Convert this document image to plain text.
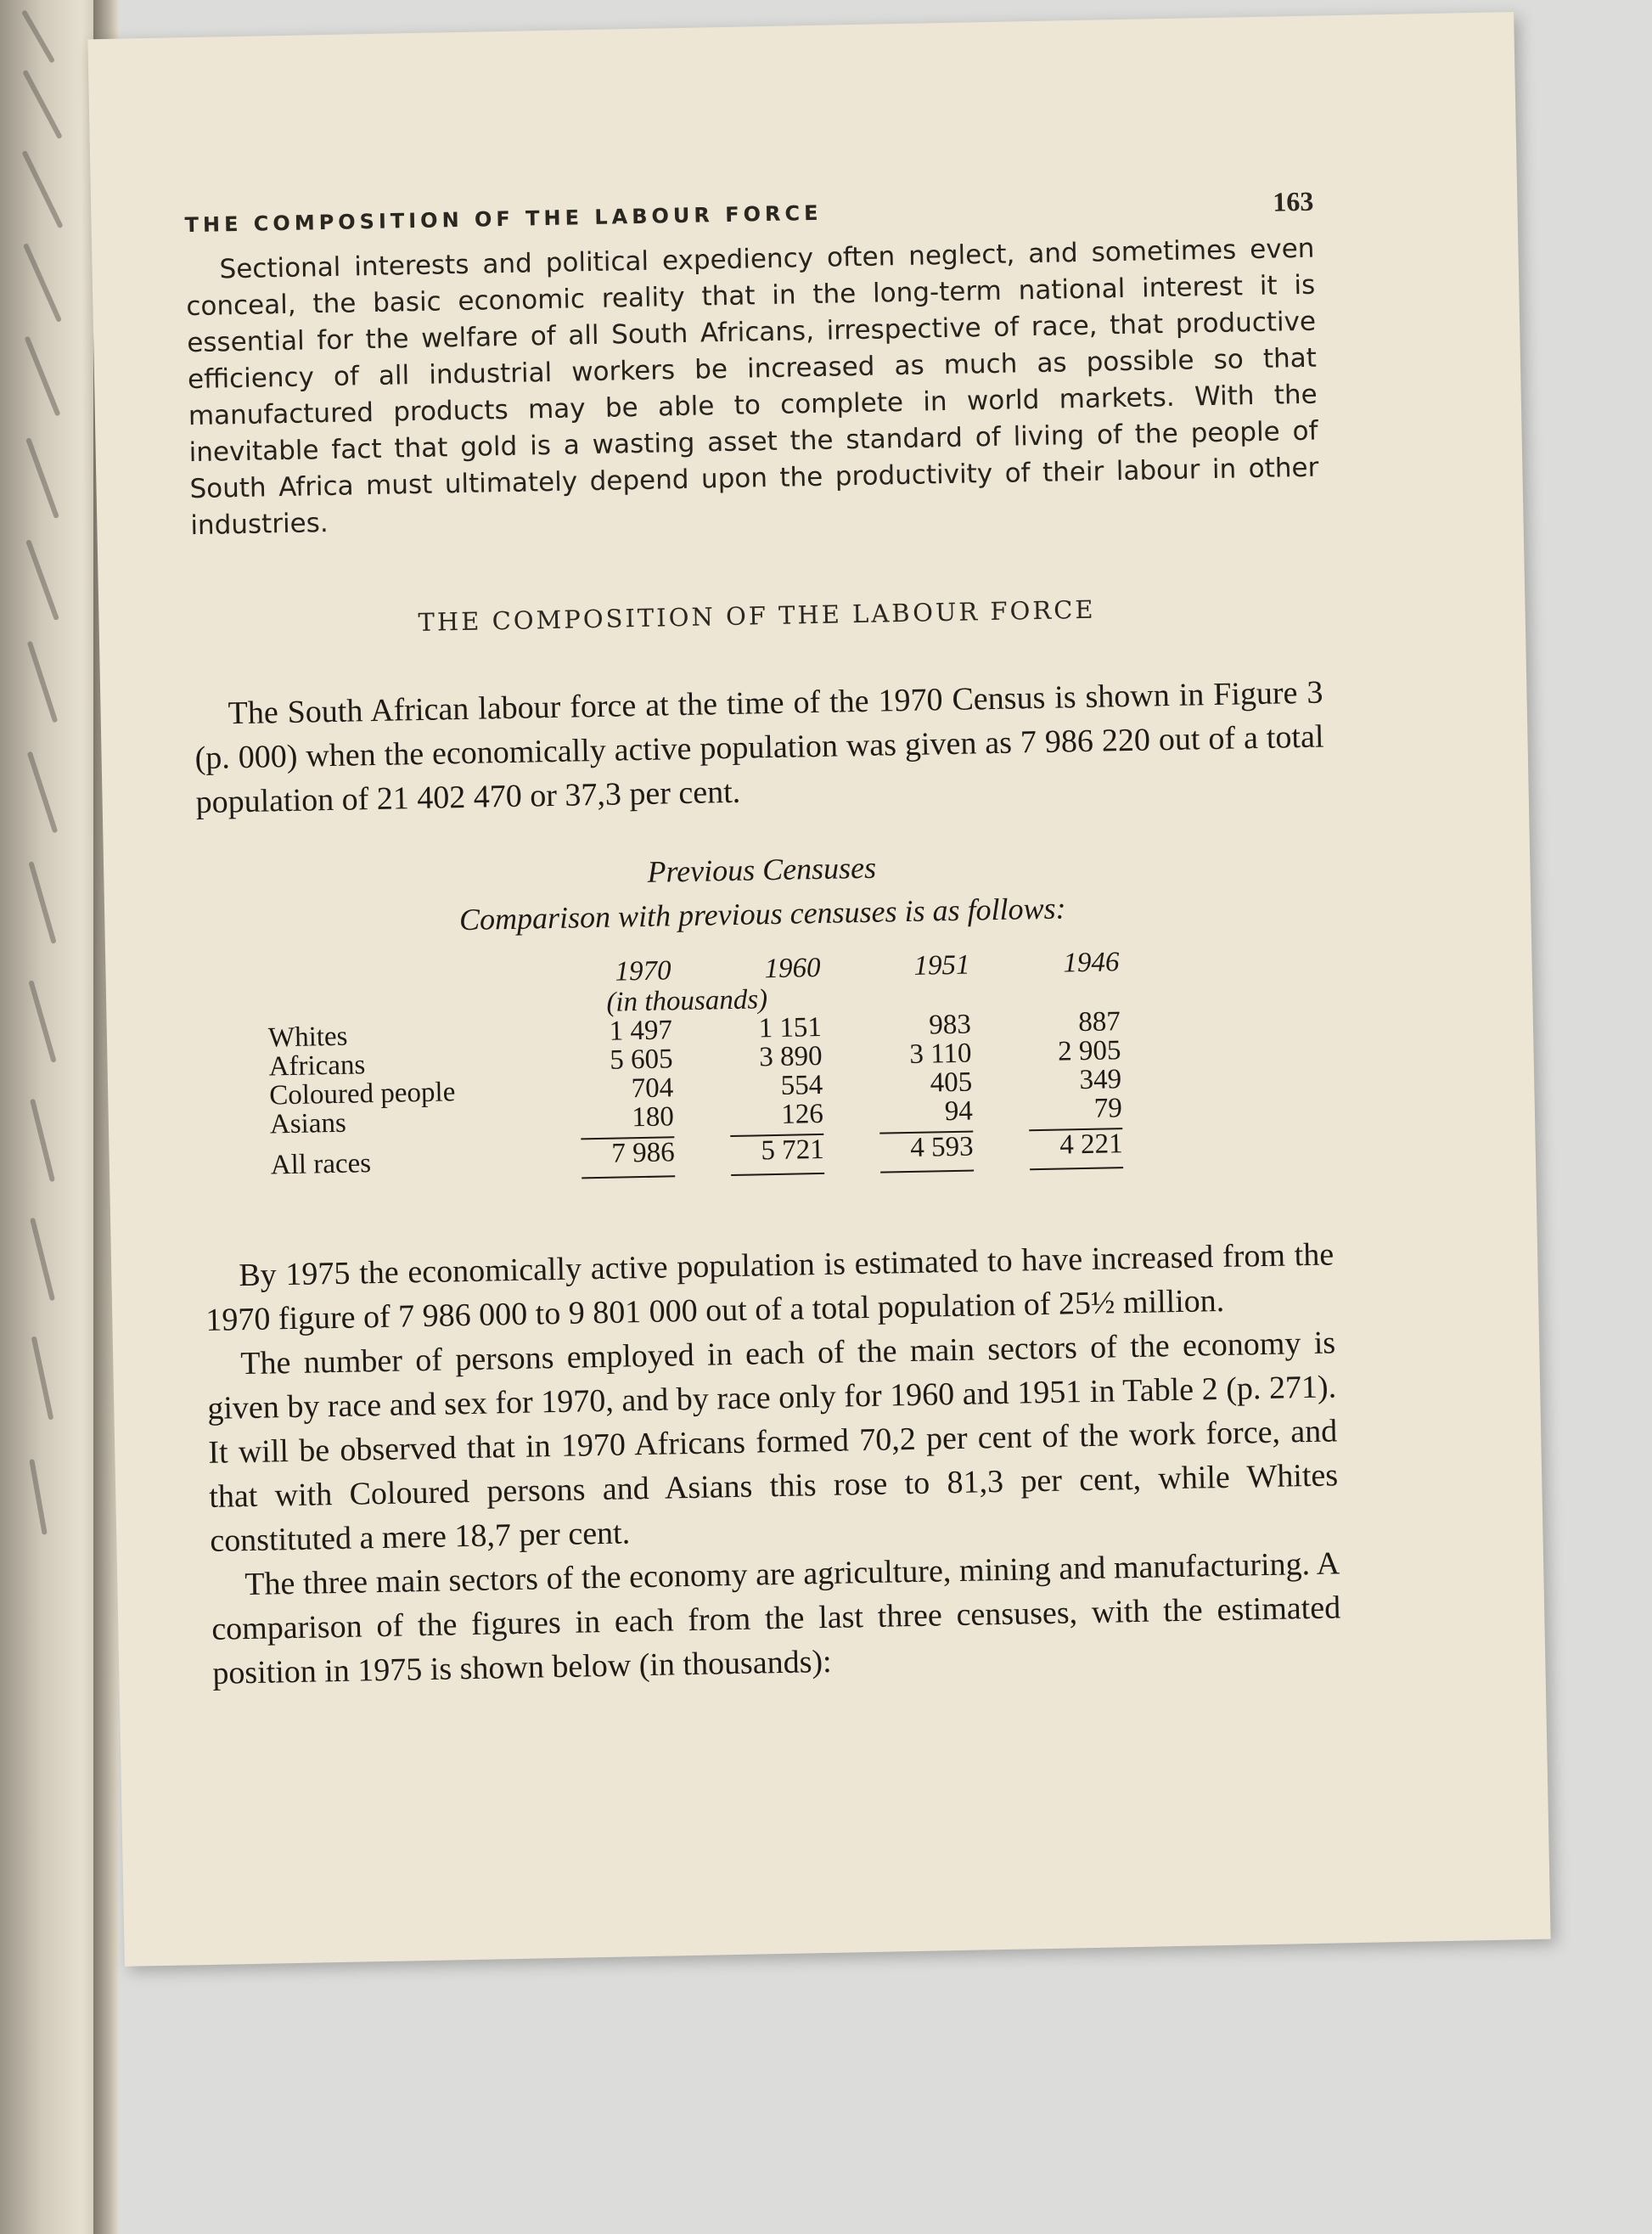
THE COMPOSITION OF THE LABOUR FORCE	163

Sectional interests and political expediency often neglect, and sometimes even conceal, the basic economic reality that in the long-term national interest it is essential for the welfare of all South Africans, irrespective of race, that productive efficiency of all industrial workers be increased as much as possible so that manufactured products may be able to complete in world markets. With the inevitable fact that gold is a wasting asset the standard of living of the people of South Africa must ultimately depend upon the productivity of their labour in other industries.

THE COMPOSITION OF THE LABOUR FORCE

The South African labour force at the time of the 1970 Census is shown in Figure 3 (p. 000) when the economically active population was given as 7 986 220 out of a total population of 21 402 470 or 37,3 per cent.

Previous Censuses
Comparison with previous censuses is as follows:
	1970	1960	1951	1946
	(in thousands)			
Whites	1 497	1 151	983	887
Africans	5 605	3 890	3 110	2 905
Coloured people	704	554	405	349
Asians	180	126	94	79

All races	7 986	5 721	4 593	4 221

By 1975 the economically active population is estimated to have increased from the 1970 figure of 7 986 000 to 9 801 000 out of a total population of 25½ million.

The number of persons employed in each of the main sectors of the economy is given by race and sex for 1970, and by race only for 1960 and 1951 in Table 2 (p. 271). It will be observed that in 1970 Africans formed 70,2 per cent of the work force, and that with Coloured persons and Asians this rose to 81,3 per cent, while Whites constituted a mere 18,7 per cent.

The three main sectors of the economy are agriculture, mining and manufacturing. A comparison of the figures in each from the last three censuses, with the estimated position in 1975 is shown below (in thousands):
